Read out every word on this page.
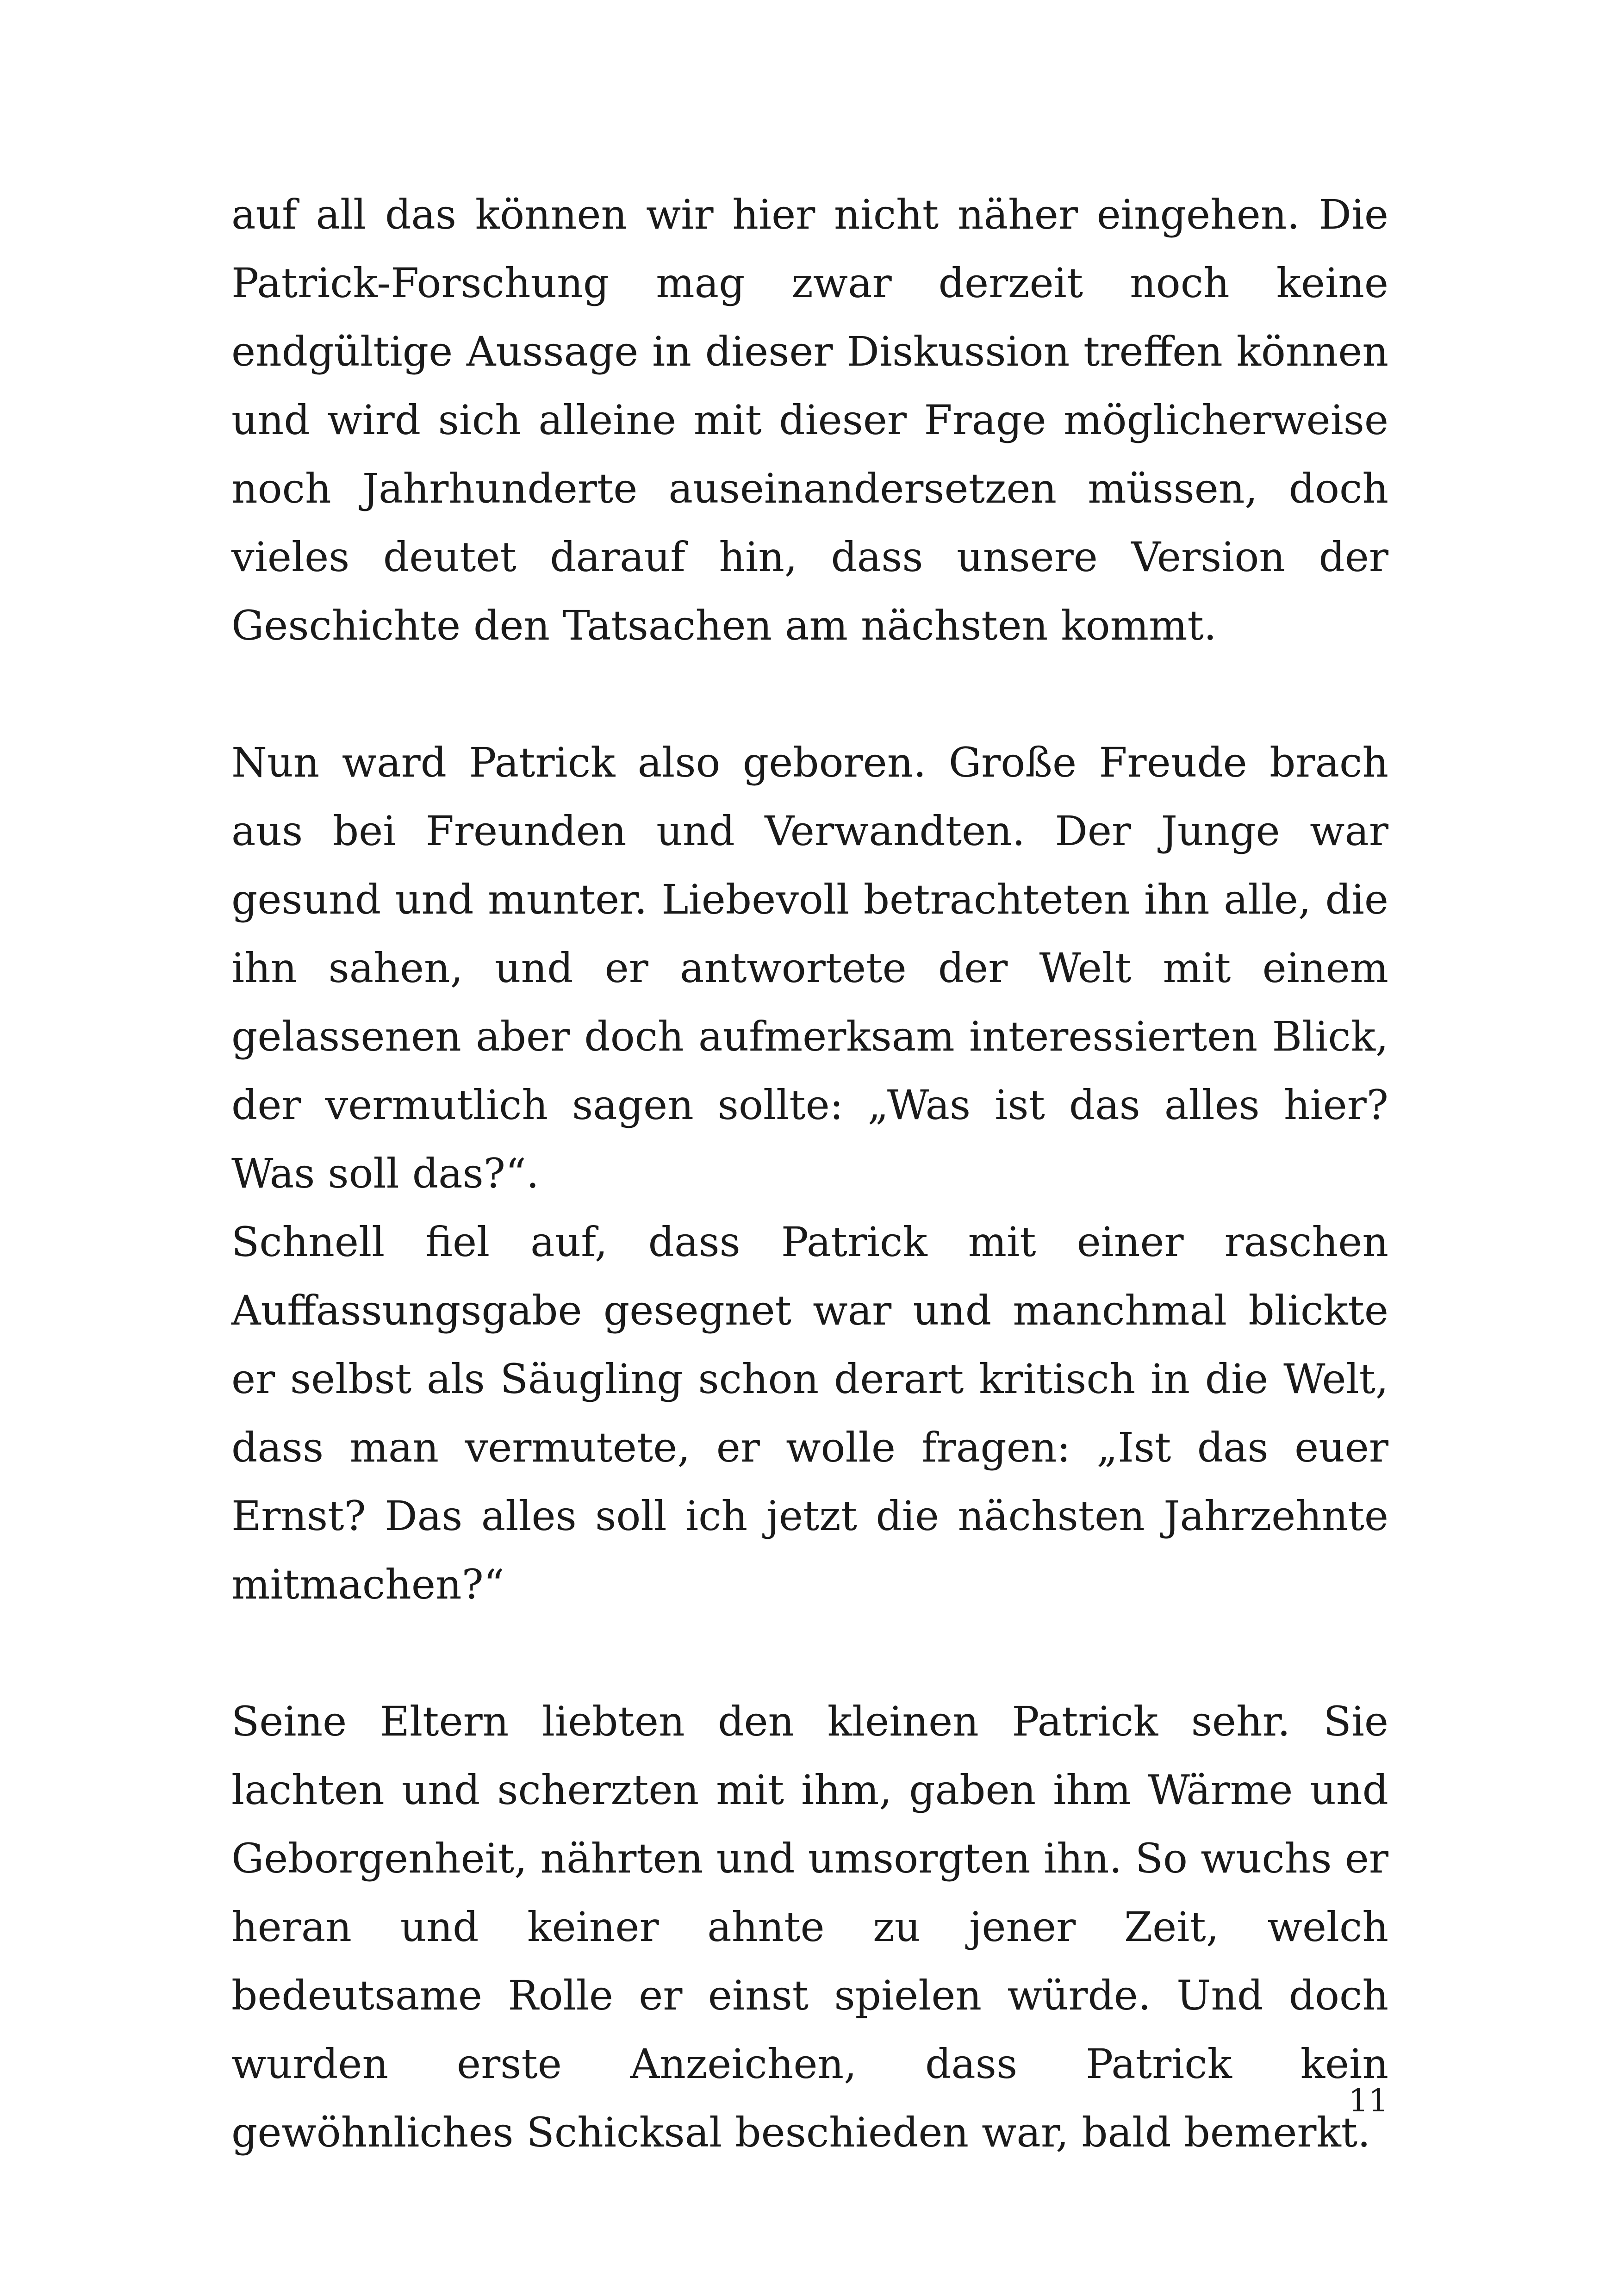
auf all das können wir hier nicht näher eingehen. Die Patrick-Forschung mag zwar derzeit noch keine endgültige Aussage in dieser Diskussion treffen können und wird sich alleine mit dieser Frage möglicherweise noch Jahrhunderte auseinandersetzen müssen, doch vieles deutet darauf hin, dass unsere Version der Geschichte den Tatsachen am nächsten kommt.

Nun ward Patrick also geboren. Große Freude brach aus bei Freunden und Verwandten. Der Junge war gesund und munter. Liebevoll betrachteten ihn alle, die ihn sahen, und er antwortete der Welt mit einem gelassenen aber doch aufmerksam interessierten Blick, der vermutlich sagen sollte: „Was ist das alles hier? Was soll das?“.

Schnell fiel auf, dass Patrick mit einer raschen Auffassungsgabe gesegnet war und manchmal blickte er selbst als Säugling schon derart kritisch in die Welt, dass man vermutete, er wolle fragen: „Ist das euer Ernst? Das alles soll ich jetzt die nächsten Jahrzehnte mitmachen?“

Seine Eltern liebten den kleinen Patrick sehr. Sie lachten und scherzten mit ihm, gaben ihm Wärme und Geborgenheit, nährten und umsorgten ihn. So wuchs er heran und keiner ahnte zu jener Zeit, welch bedeutsame Rolle er einst spielen würde. Und doch wurden erste Anzeichen, dass Patrick kein gewöhnliches Schicksal beschieden war, bald bemerkt.

11
